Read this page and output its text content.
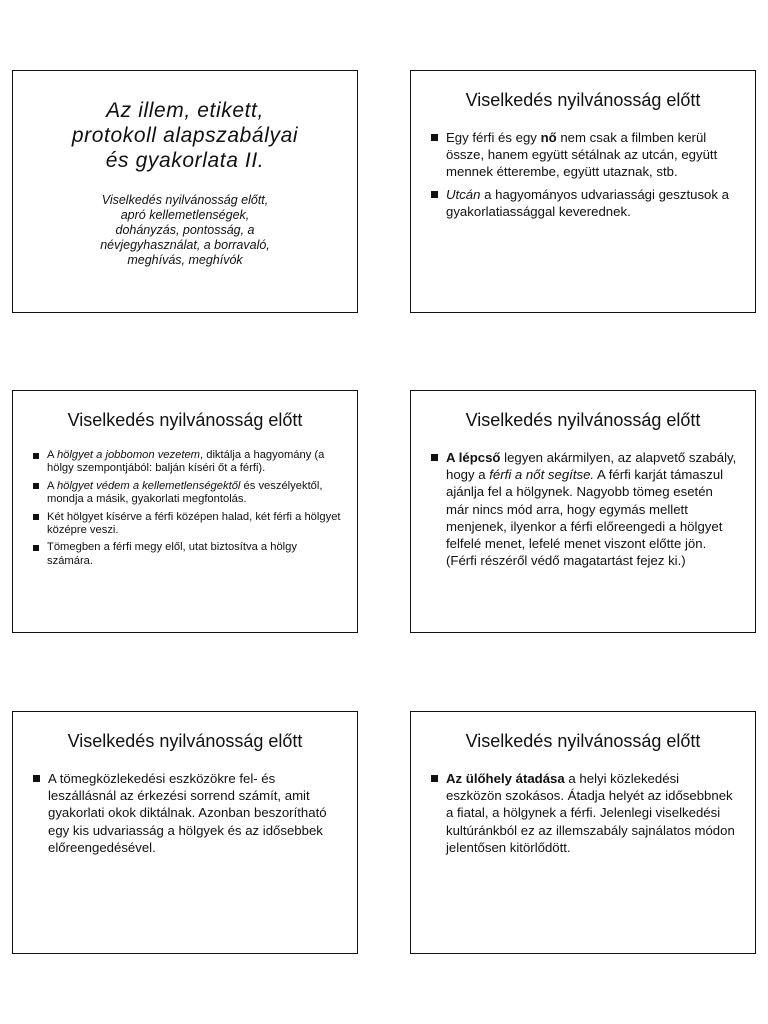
Az illem, etikett,
protokoll alapszabályai
és gyakorlata II.
Viselkedés nyilvánosság előtt,
apró kellemetlenségek,
dohányzás, pontosság, a
névjegyhasználat, a borravaló,
meghívás, meghívók
Viselkedés nyilvánosság előtt
Egy férfi és egy nő nem csak a filmben kerül össze, hanem együtt sétálnak az utcán, együtt mennek étterembe, együtt utaznak, stb.
Utcán a hagyományos udvariassági gesztusok a gyakorlatiassággal keverednek.
Viselkedés nyilvánosság előtt
A hölgyet a jobbomon vezetem, diktálja a hagyomány (a hölgy szempontjából: balján kíséri őt a férfi).
A hölgyet védem a kellemetlenségektől és veszélyektől, mondja a másik, gyakorlati megfontolás.
Két hölgyet kísérve a férfi középen halad, két férfi a hölgyet középre veszi.
Tömegben a férfi megy elől, utat biztosítva a hölgy számára.
Viselkedés nyilvánosság előtt
A lépcső legyen akármilyen, az alapvető szabály, hogy a férfi a nőt segítse. A férfi karját támaszul ajánlja fel a hölgynek. Nagyobb tömeg esetén már nincs mód arra, hogy egymás mellett menjenek, ilyenkor a férfi előreengedi a hölgyet felfelé menet, lefelé menet viszont előtte jön. (Férfi részéről védő magatartást fejez ki.)
Viselkedés nyilvánosság előtt
A tömegközlekedési eszközökre fel- és leszállásnál az érkezési sorrend számít, amit gyakorlati okok diktálnak. Azonban beszorítható egy kis udvariasság a hölgyek és az idősebbek előreengedésével.
Viselkedés nyilvánosság előtt
Az ülőhely átadása a helyi közlekedési eszközön szokásos. Átadja helyét az idősebbnek a fiatal, a hölgynek a férfi. Jelenlegi viselkedési kultúránkból ez az illemszabály sajnálatos módon jelentősen kitörlődött.
